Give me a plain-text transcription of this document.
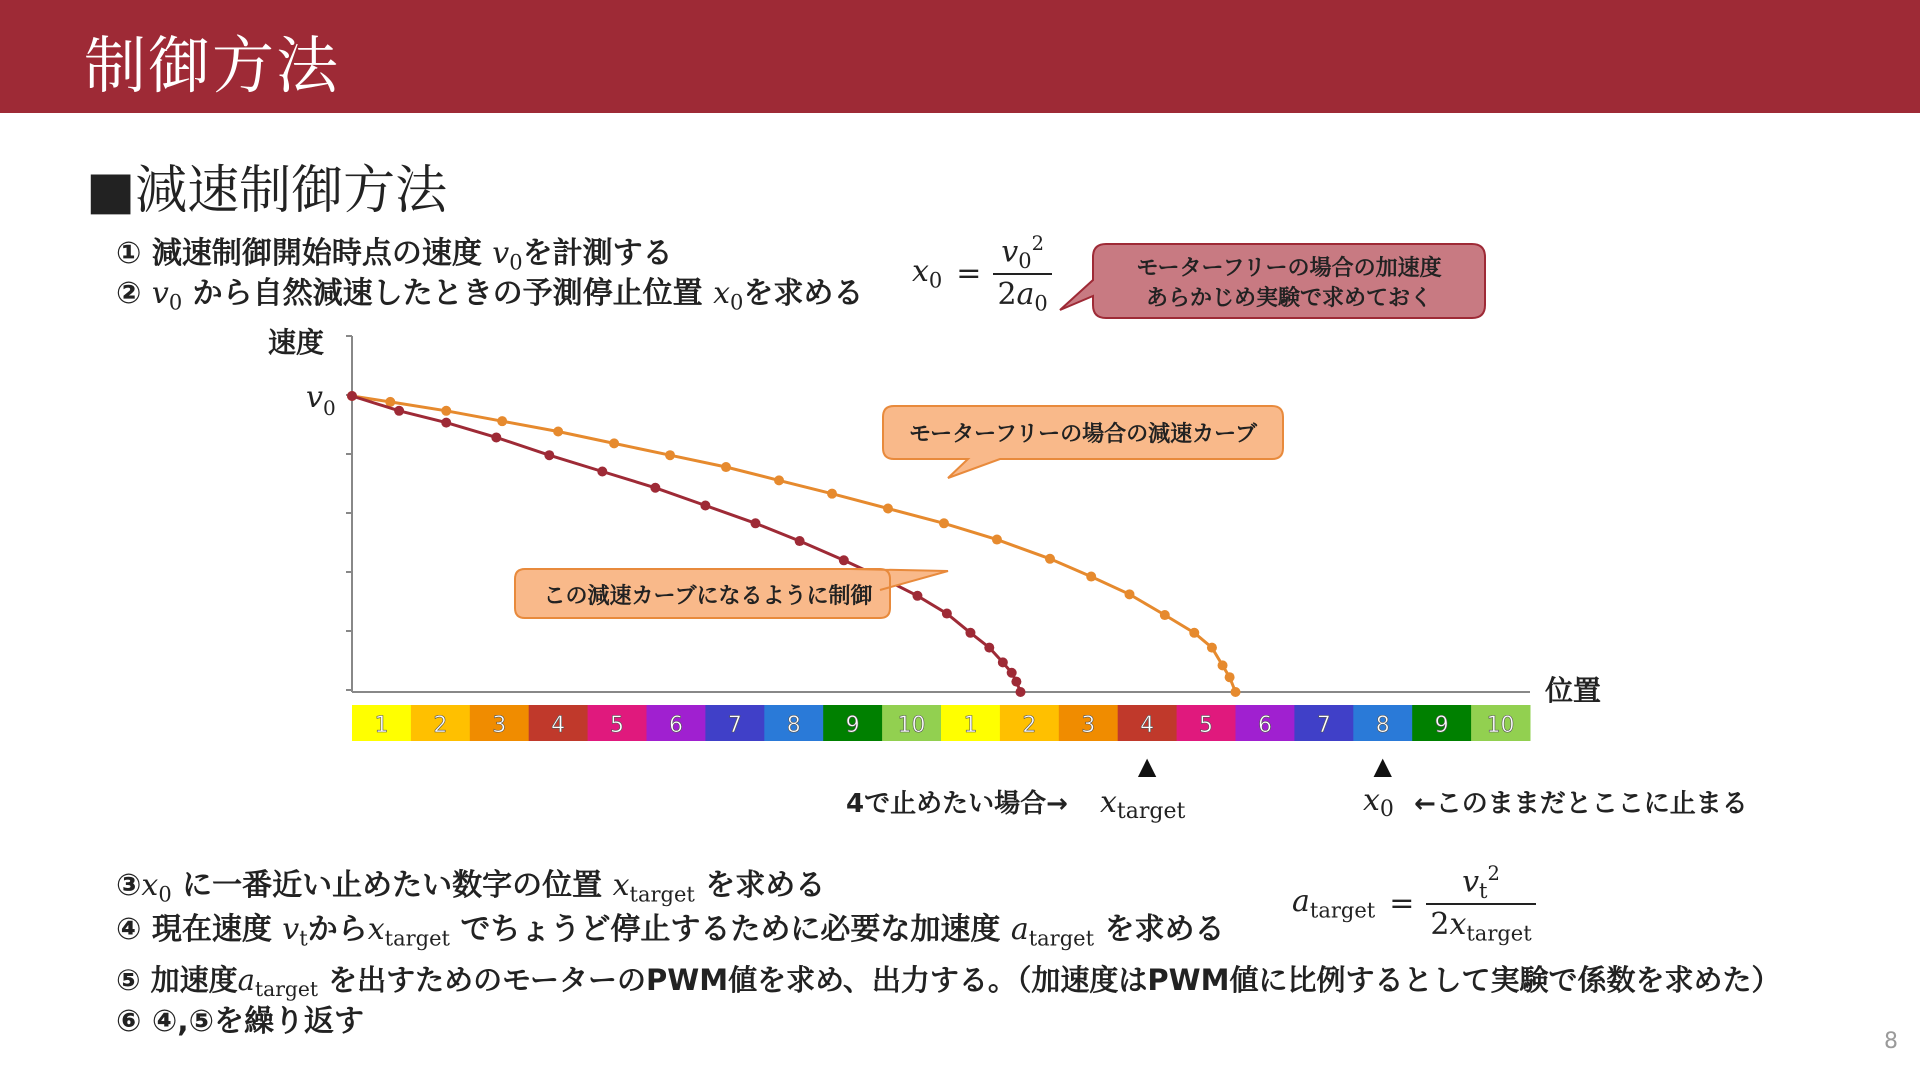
制御方法
■減速制御方法
① 減速制御開始時点の速度 $v_0$を計測する
② $v_0$ から自然減速したときの予測停止位置 $x_0$を求める
$x_0 = \frac{v_0^2}{2a_0}$
$③x_0$ に一番近い止めたい数字の位置 $x_{target}$ を求める
④ 現在速度 $v_t$から$x_{target}$ でちょうど停止するために必要な加速度 $a_{target}$ を求める
$a_{target} = \frac{v_t^2}{2x_{target}}$
⑤ 加速度$a_{target}$ を出すためのモーターのPWM値を求め、出力する。（加速度はPWM値に比例するとして実験で係数を求めた）
⑥ ④,⑤を繰り返す
8
モーターフリーの場合の加速度
あらかじめ実験で求めておく
速度
位置
$v_0$
モーターフリーの場合の減速カーブ
この減速カーブになるように制御
1 2 3 4 5 6 7 8 9 10 1 2 3 4 5 6 7 8 9 10
▲	▲
4で止めたい場合→ $x_{target}$	$x_0$ ←このままだとここに止まる
